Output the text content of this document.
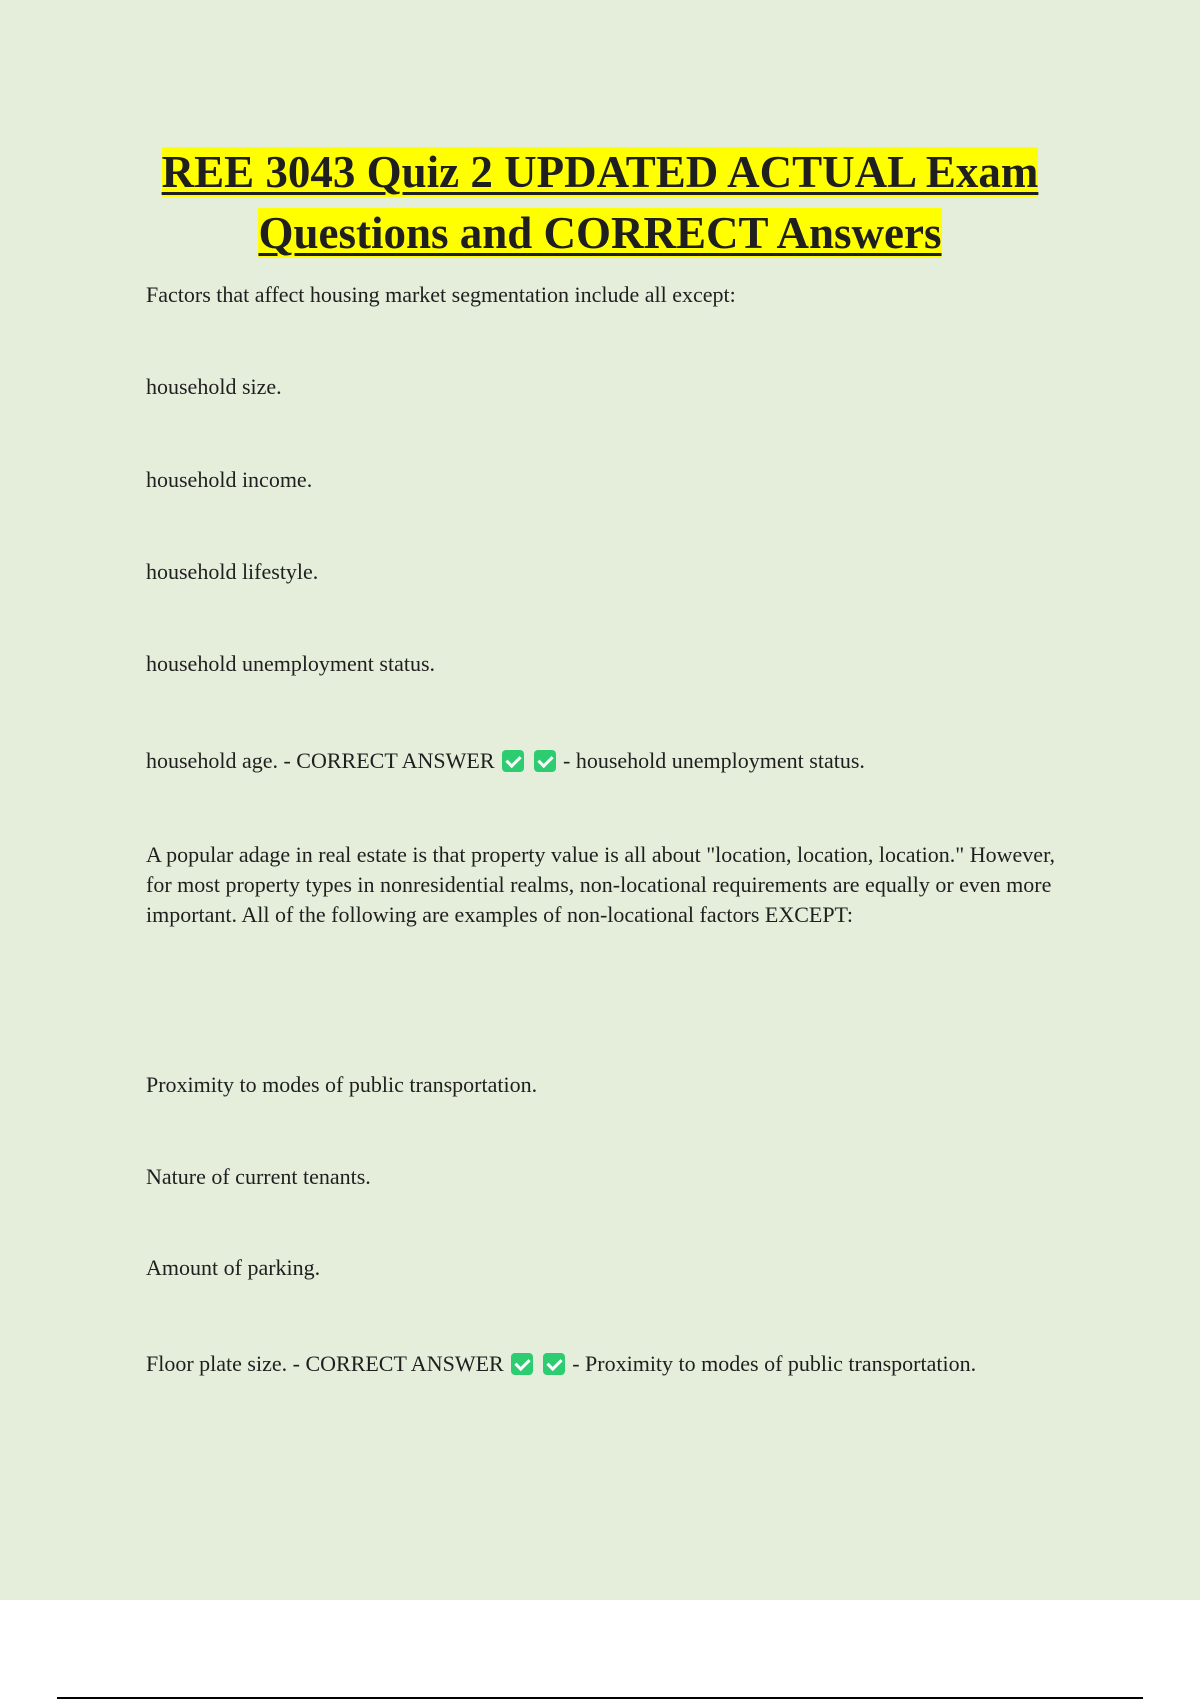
REE 3043 Quiz 2 UPDATED ACTUAL Exam
Questions and CORRECT Answers

Factors that affect housing market segmentation include all except:

household size.

household income.

household lifestyle.

household unemployment status.

household age. - CORRECT ANSWER	- household unemployment status.

A popular adage in real estate is that property value is all about "location, location, location." However, for most property types in nonresidential realms, non-locational requirements are equally or even more important. All of the following are examples of non-locational factors EXCEPT:

Proximity to modes of public transportation.

Nature of current tenants.

Amount of parking.

Floor plate size. - CORRECT ANSWER	- Proximity to modes of public transportation.
